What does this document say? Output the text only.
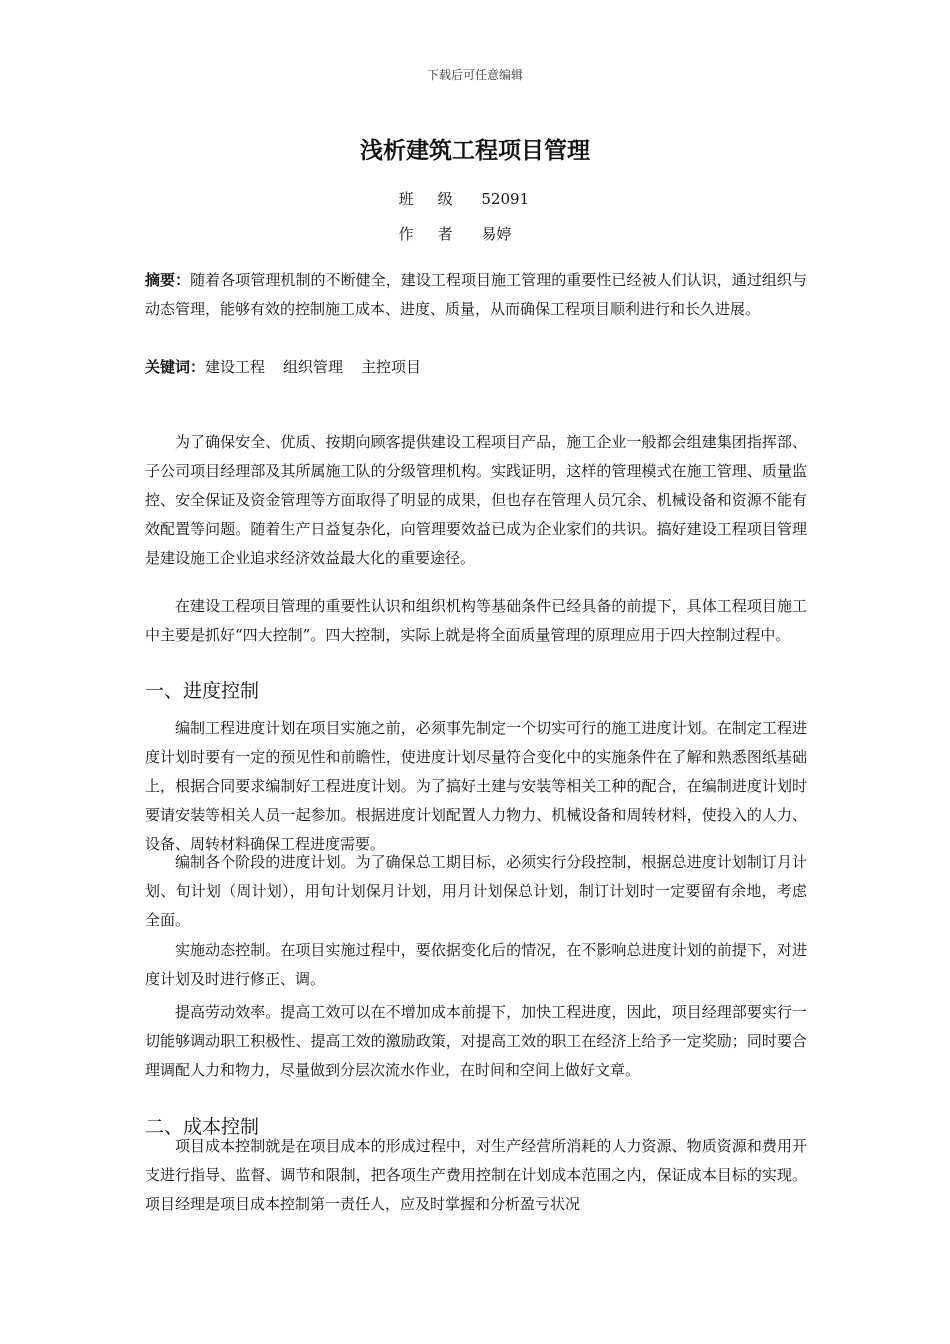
下载后可任意编辑
浅析建筑工程项目管理
班级 52091
作者 易婷
摘要：随着各项管理机制的不断健全，建设工程项目施工管理的重要性已经被人们认识，通过组织与动态管理，能够有效的控制施工成本、进度、质量，从而确保工程项目顺利进行和长久进展。
关键词：建设工程 组织管理 主控项目
为了确保安全、优质、按期向顾客提供建设工程项目产品，施工企业一般都会组建集团指挥部、子公司项目经理部及其所属施工队的分级管理机构。实践证明，这样的管理模式在施工管理、质量监控、安全保证及资金管理等方面取得了明显的成果，但也存在管理人员冗余、机械设备和资源不能有效配置等问题。随着生产日益复杂化，向管理要效益已成为企业家们的共识。搞好建设工程项目管理是建设施工企业追求经济效益最大化的重要途径。
在建设工程项目管理的重要性认识和组织机构等基础条件已经具备的前提下，具体工程项目施工中主要是抓好“四大控制”。四大控制，实际上就是将全面质量管理的原理应用于四大控制过程中。
一、进度控制
编制工程进度计划在项目实施之前，必须事先制定一个切实可行的施工进度计划。在制定工程进度计划时要有一定的预见性和前瞻性，使进度计划尽量符合变化中的实施条件在了解和熟悉图纸基础上，根据合同要求编制好工程进度计划。为了搞好土建与安装等相关工种的配合，在编制进度计划时要请安装等相关人员一起参加。根据进度计划配置人力物力、机械设备和周转材料，使投入的人力、设备、周转材料确保工程进度需要。
编制各个阶段的进度计划。为了确保总工期目标，必须实行分段控制，根据总进度计划制订月计划、旬计划（周计划），用旬计划保月计划，用月计划保总计划，制订计划时一定要留有余地，考虑全面。
实施动态控制。在项目实施过程中，要依据变化后的情况，在不影响总进度计划的前提下，对进度计划及时进行修正、调。
提高劳动效率。提高工效可以在不增加成本前提下，加快工程进度，因此，项目经理部要实行一切能够调动职工积极性、提高工效的激励政策，对提高工效的职工在经济上给予一定奖励；同时要合理调配人力和物力，尽量做到分层次流水作业，在时间和空间上做好文章。
二、成本控制
项目成本控制就是在项目成本的形成过程中，对生产经营所消耗的人力资源、物质资源和费用开支进行指导、监督、调节和限制，把各项生产费用控制在计划成本范围之内，保证成本目标的实现。项目经理是项目成本控制第一责任人，应及时掌握和分析盈亏状况
